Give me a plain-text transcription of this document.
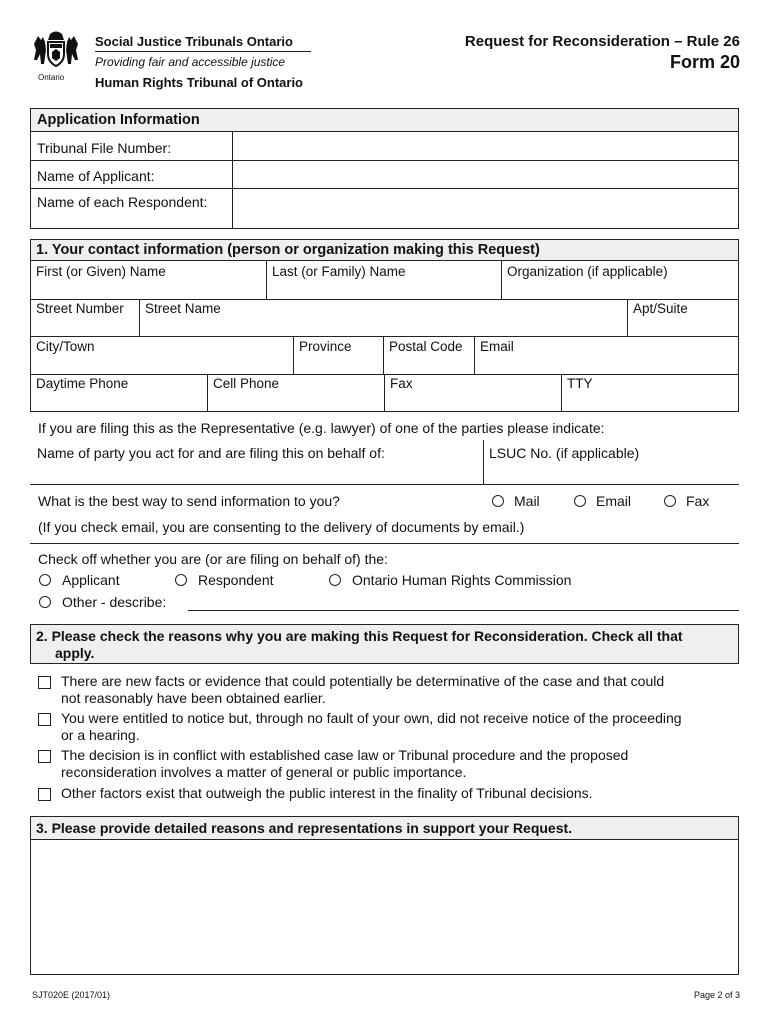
Ontario
Social Justice Tribunals Ontario
Providing fair and accessible justice
Human Rights Tribunal of Ontario
Request for Reconsideration – Rule 26
Form 20
Application Information
Tribunal File Number:
Name of Applicant:
Name of each Respondent:
1. Your contact information (person or organization making this Request)
First (or Given) Name	Last (or Family) Name	Organization (if applicable)
Street Number Street Name	Apt/Suite
City/Town	Province	Postal Code Email
Daytime Phone	Cell Phone	Fax	TTY
If you are filing this as the Representative (e.g. lawyer) of one of the parties please indicate:
Name of party you act for and are filing this on behalf of:	LSUC No. (if applicable)
What is the best way to send information to you?	Mail	Email	Fax
(If you check email, you are consenting to the delivery of documents by email.)
Check off whether you are (or are filing on behalf of) the:
Applicant	Respondent	Ontario Human Rights Commission
Other - describe:
2. Please check the reasons why you are making this Request for Reconsideration. Check all that
apply.
There are new facts or evidence that could potentially be determinative of the case and that could
not reasonably have been obtained earlier.
You were entitled to notice but, through no fault of your own, did not receive notice of the proceeding
or a hearing.
The decision is in conflict with established case law or Tribunal procedure and the proposed
reconsideration involves a matter of general or public importance.
Other factors exist that outweigh the public interest in the finality of Tribunal decisions.
3. Please provide detailed reasons and representations in support your Request.
SJT020E (2017/01)	Page 2 of 3
